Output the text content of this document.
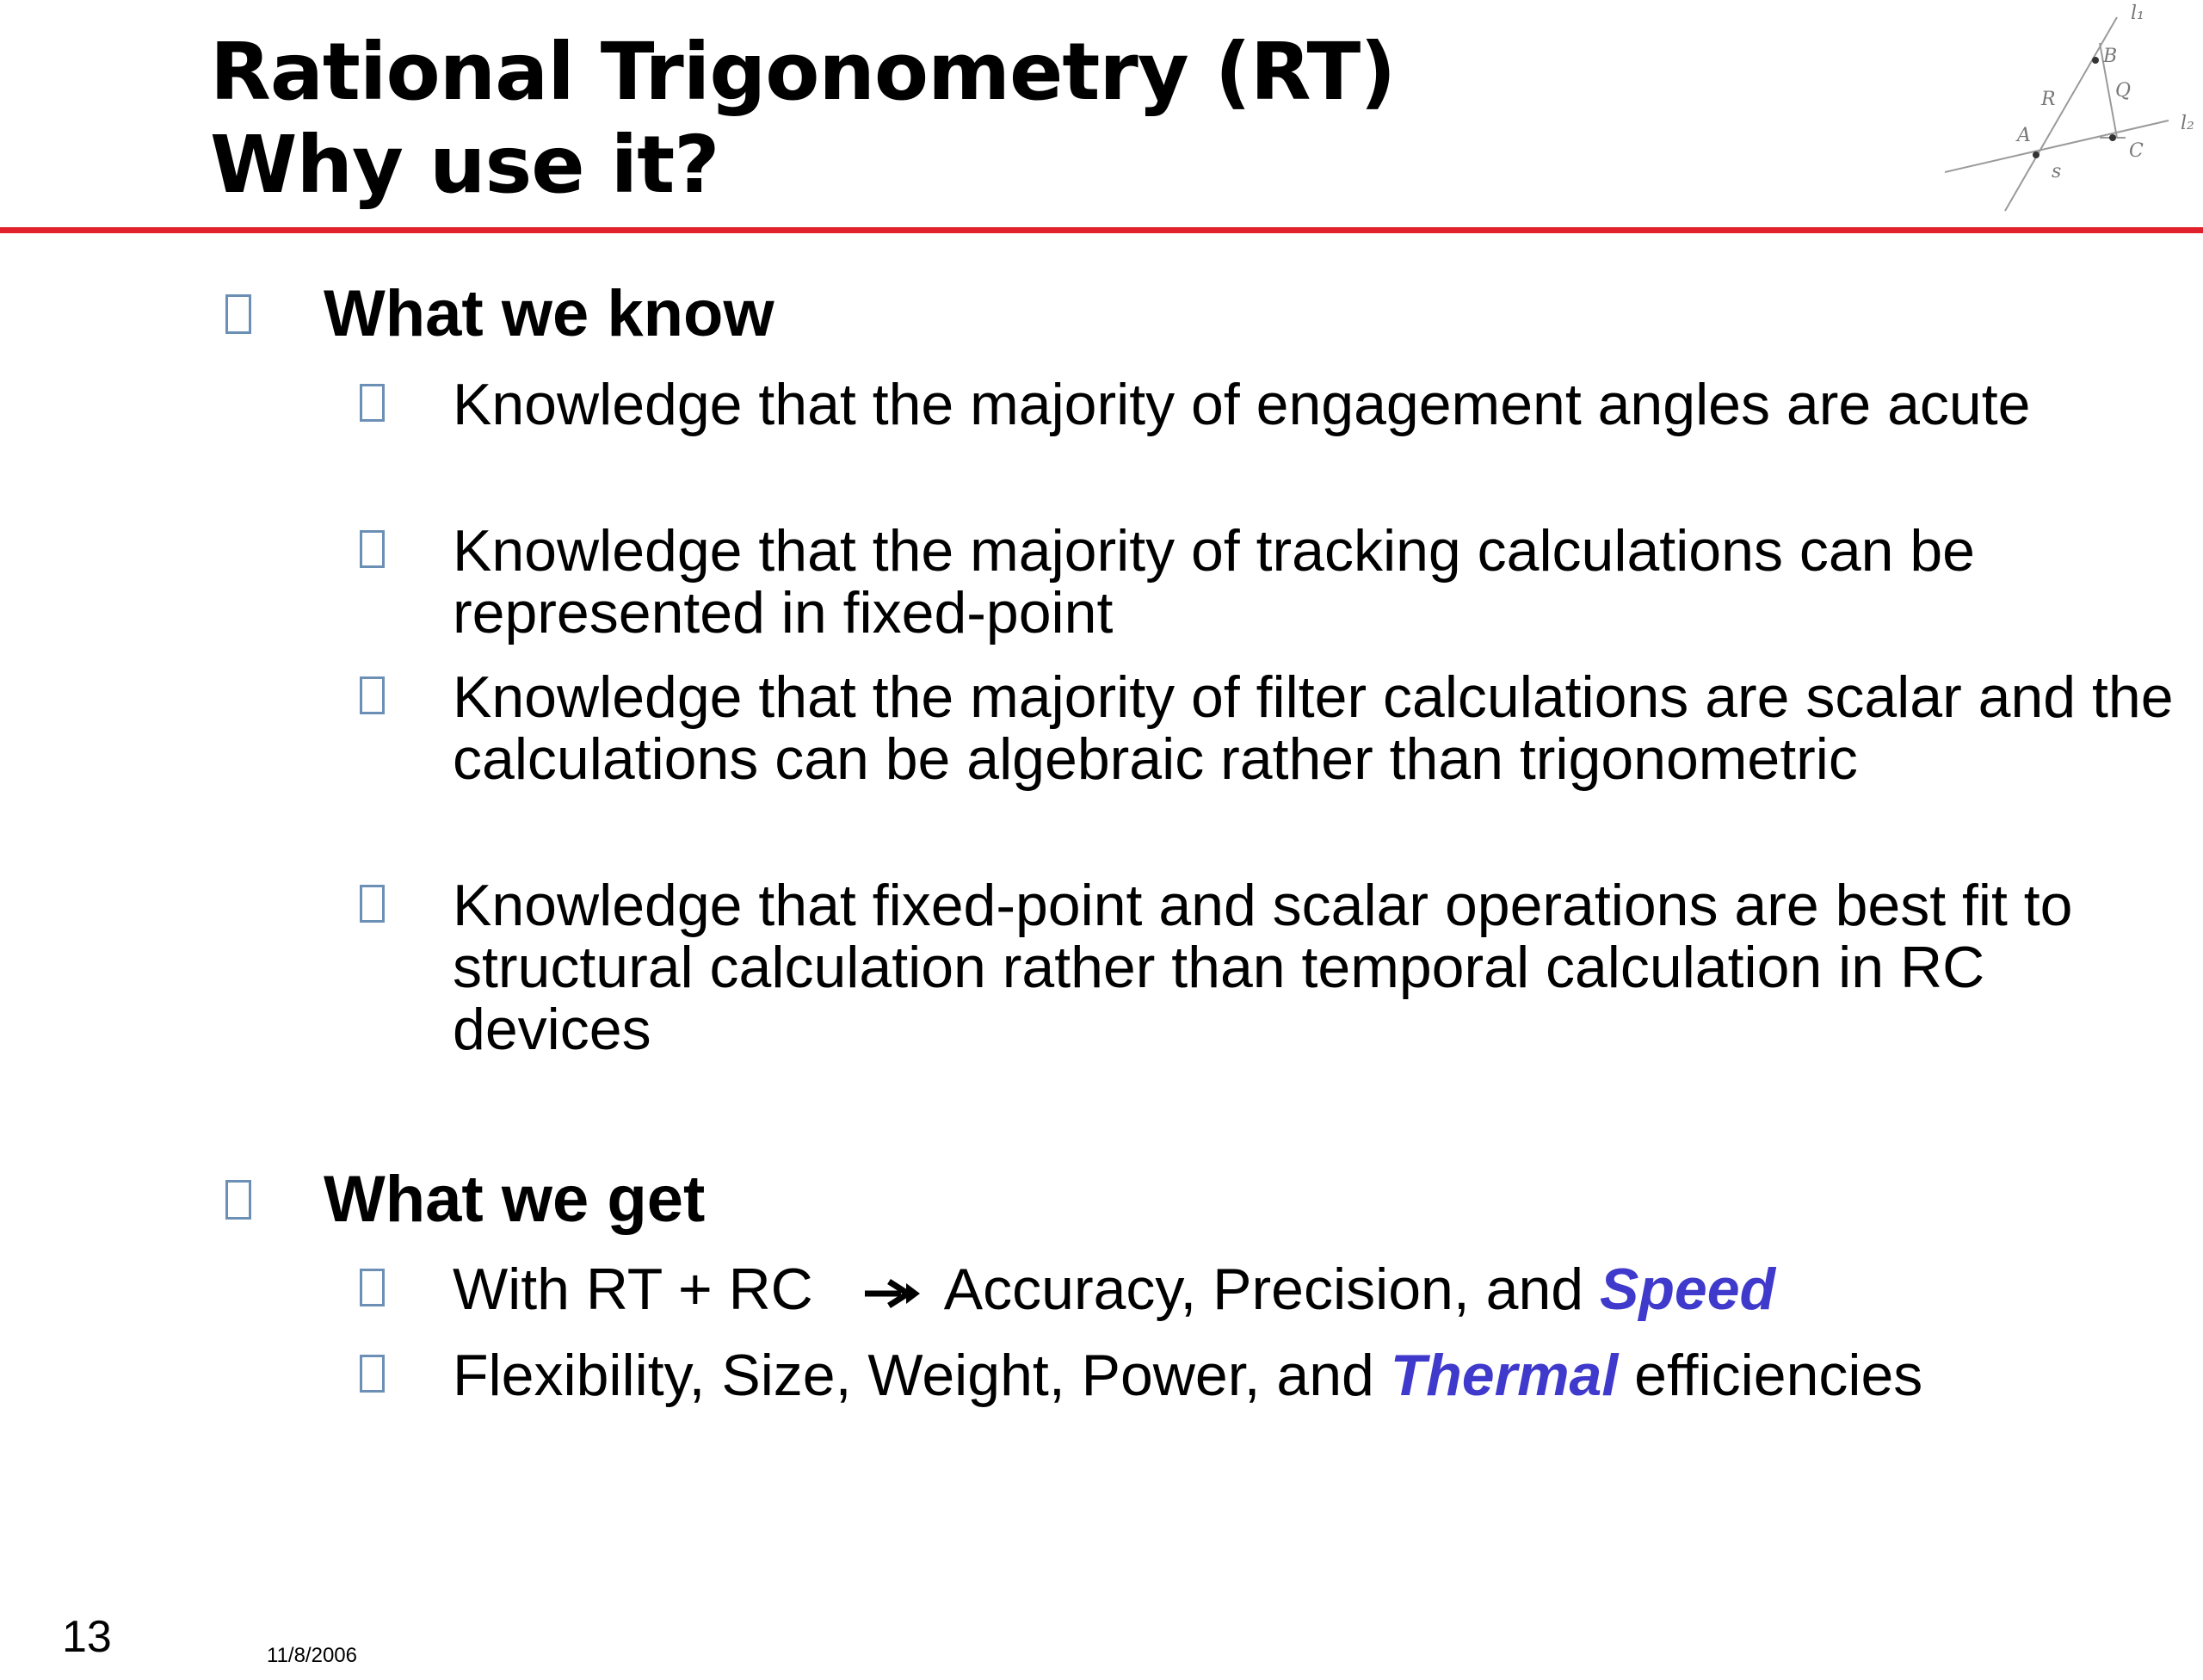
Rational Trigonometry (RT)
Why use it?
l₁
B
R	Q
A
l₂
C
s
What we know
Knowledge that the majority of engagement angles are acute
Knowledge that the majority of tracking calculations can be represented in fixed-point
Knowledge that the majority of filter calculations are scalar and the calculations can be algebraic rather than trigonometric
Knowledge that fixed-point and scalar operations are best fit to structural calculation rather than temporal calculation in RC devices
What we get
With RT + RC Accuracy, Precision, and Speed
Flexibility, Size, Weight, Power, and Thermal efficiencies
13	11/8/2006
